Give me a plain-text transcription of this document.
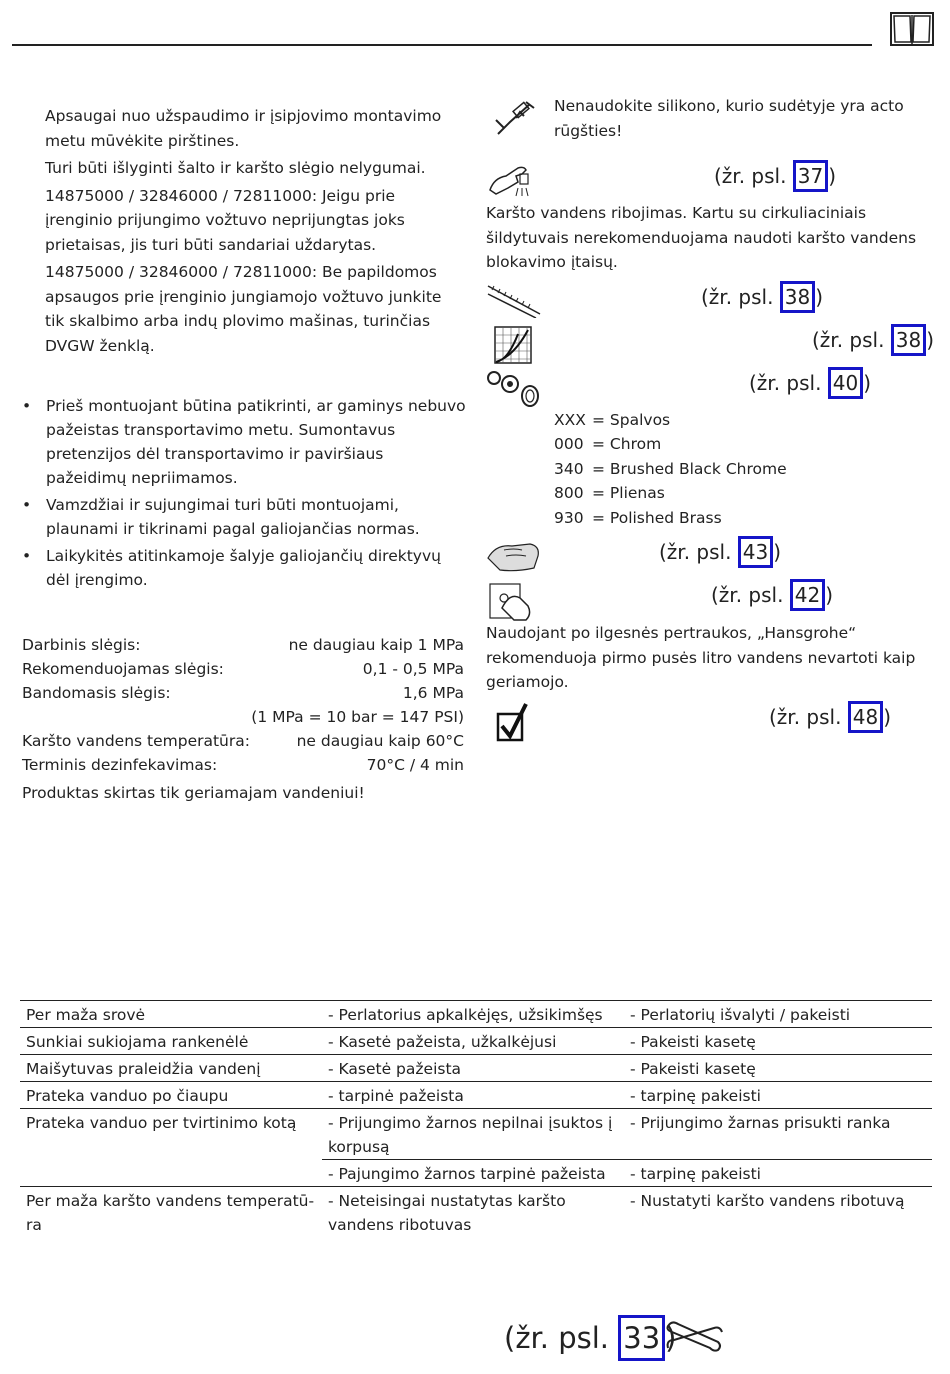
Apsaugai nuo užspaudimo ir įsipjovimo montavimo metu mūvėkite pirštines.

Turi būti išlyginti šalto ir karšto slėgio nelygumai.

14875000 / 32846000 / 72811000: Jeigu prie įrenginio prijungimo vožtuvo neprijungtas joks prietaisas, jis turi būti sandariai uždarytas.

14875000 / 32846000 / 72811000: Be papildomos apsaugos prie įrenginio jungiamojo vožtuvo junkite tik skalbimo arba indų plovimo mašinas, turinčias DVGW ženklą.

• Prieš montuojant būtina patikrinti, ar gaminys nebuvo pažeistas transportavimo metu. Sumontavus pretenzijos dėl transportavimo ir paviršiaus pažeidimų nepriimamos.
• Vamzdžiai ir sujungimai turi būti montuojami, plaunami ir tikrinami pagal galiojančias normas.
• Laikykitės atitinkamoje šalyje galiojančių direktyvų dėl įrengimo.
Darbinis slėgis:	ne daugiau kaip 1 MPa
Rekomenduojamas slėgis:	0,1 - 0,5 MPa
Bandomasis slėgis:	1,6 MPa
(1 MPa = 10 bar = 147 PSI)
Karšto vandens temperatūra:	ne daugiau kaip 60°C
Terminis dezinfekavimas:	70°C / 4 min
Produktas skirtas tik geriamajam vandeniui!
Nenaudokite silikono, kurio sudėtyje yra acto rūgšties!
(žr. psl. 37 )
Karšto vandens ribojimas. Kartu su cirkuliaciniais šildytuvais nerekomenduojama naudoti karšto vandens blokavimo įtaisų.
(žr. psl. 38 )
(žr. psl. 38 )
(žr. psl. 40 )
XXX = Spalvos
000 = Chrom
340 = Brushed Black Chrome
800 = Plienas
930 = Polished Brass
(žr. psl. 43 )
(žr. psl. 42 )
Naudojant po ilgesnės pertraukos, „Hansgrohe“ rekomenduoja pirmo pusės litro vandens nevartoti kaip geriamojo.
(žr. psl. 48 )
Per maža srovė	- Perlatorius apkalkėjęs, užsikimšęs	- Perlatorių išvalyti / pakeisti
Sunkiai sukiojama rankenėlė	- Kasetė pažeista, užkalkėjusi	- Pakeisti kasetę
Maišytuvas praleidžia vandenį	- Kasetė pažeista	- Pakeisti kasetę
Prateka vanduo po čiaupu	- tarpinė pažeista	- tarpinę pakeisti
Prateka vanduo per tvirtinimo kotą	- Prijungimo žarnos nepilnai įsuktos į korpusą	- Prijungimo žarnas prisukti ranka
	- Pajungimo žarnos tarpinė pažeista	- tarpinę pakeisti
Per maža karšto vandens temperatū-ra	- Neteisingai nustatytas karšto vandens ribotuvas	- Nustatyti karšto vandens ribotuvą
(žr. psl. 33 )
